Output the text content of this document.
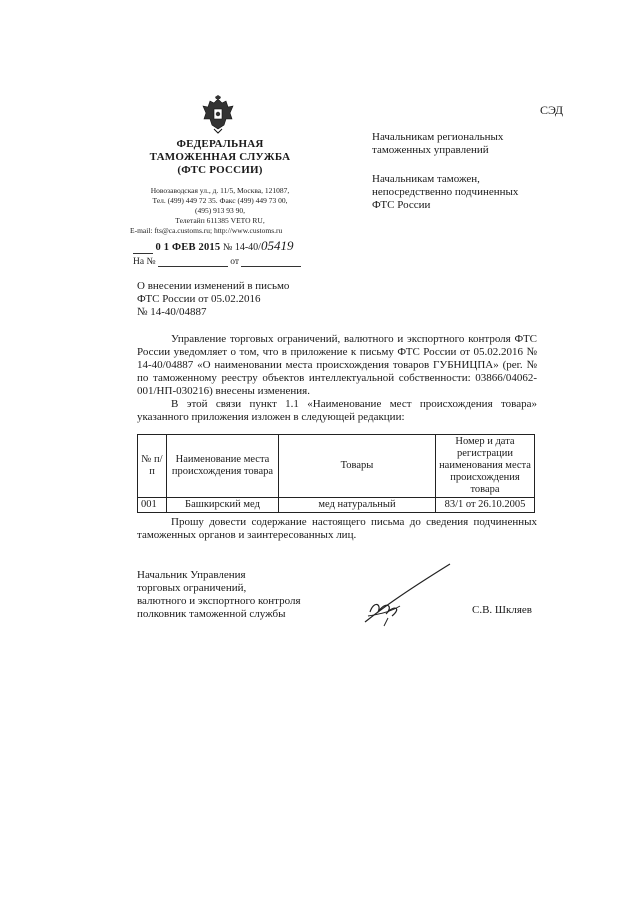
СЭД
ФЕДЕРАЛЬНАЯ
ТАМОЖЕННАЯ СЛУЖБА
(ФТС РОССИИ)
Новозаводская ул., д. 11/5, Москва, 121087,
Тел. (499) 449 72 35. Факс (499) 449 73 00,
(495) 913 93 90,
Телетайп 611385 VETO RU,
E-mail: fts@ca.customs.ru; http://www.customs.ru
0 1 ФЕВ 2015 № 14-40/05419
На №	от
Начальникам региональных
таможенных управлений
Начальникам таможен,
непосредственно подчиненных
ФТС России
О внесении изменений в письмо
ФТС России от 05.02.2016
№ 14-40/04887
Управление торговых ограничений, валютного и экспортного контроля ФТС России уведомляет о том, что в приложение к письму ФТС России от 05.02.2016 № 14-40/04887 «О наименовании места происхождения товаров ГУБНИЦПА» (рег. № по таможенному реестру объектов интеллектуальной собственности: 03866/04062-001/НП-030216) внесены изменения.
В этой связи пункт 1.1 «Наименование мест происхождения товара» указанного приложения изложен в следующей редакции:
№ п/п	Наименование места происхождения товара	Товары	Номер и дата регистрации наименования места происхождения товара
001	Башкирский мед	мед натуральный	83/1 от 26.10.2005
Прошу довести содержание настоящего письма до сведения подчиненных таможенных органов и заинтересованных лиц.
Начальник Управления
торговых ограничений,
валютного и экспортного контроля
полковник таможенной службы	С.В. Шкляев
